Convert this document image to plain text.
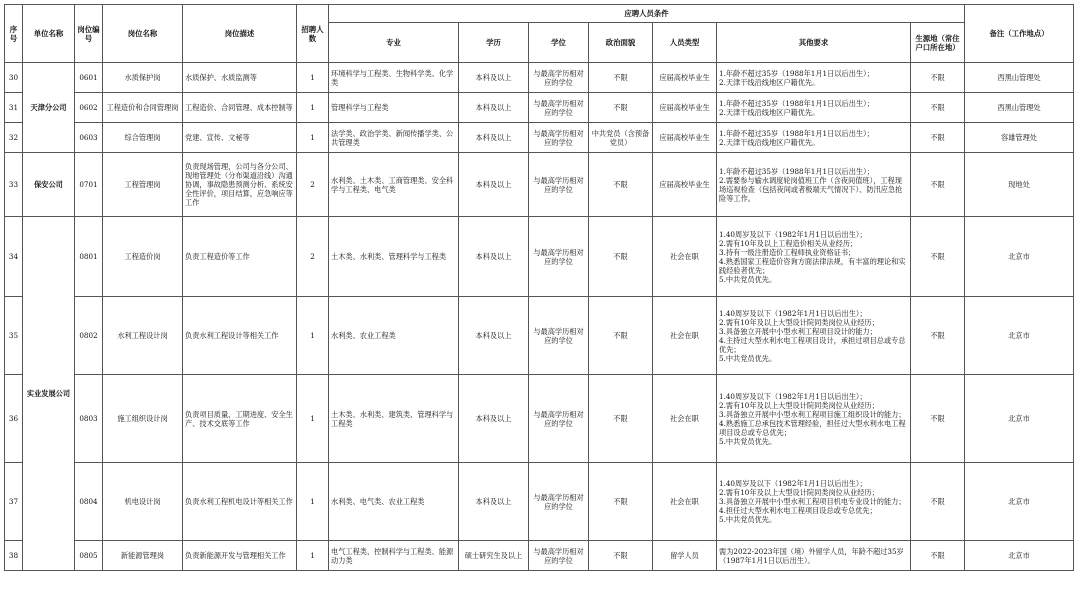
序号	单位名称	岗位编号	岗位名称	岗位描述	招聘人数	应聘人员条件							备注（工作地点）
						专业	学历	学位	政治面貌	人员类型	其他要求	生源地（常住户口所在地）	
30	天津分公司	0601	水质保护岗	水质保护、水质监测等	1	环境科学与工程类、生物科学类、化学类	本科及以上	与最高学历相对应的学位	不限	应届高校毕业生	1.年龄不超过35岁（1988年1月1日以后出生）；
2.天津干线沿线地区户籍优先。	不限	西黑山管理处
31		0602	工程造价和合同管理岗	工程造价、合同管理、成本控制等	1	管理科学与工程类	本科及以上	与最高学历相对应的学位	不限	应届高校毕业生	1.年龄不超过35岁（1988年1月1日以后出生）；
2.天津干线沿线地区户籍优先。	不限	西黑山管理处
32		0603	综合管理岗	党建、宣传、文秘等	1	法学类、政治学类、新闻传播学类、公共管理类	本科及以上	与最高学历相对应的学位	中共党员（含预备党员）	应届高校毕业生	1.年龄不超过35岁（1988年1月1日以后出生）；
2.天津干线沿线地区户籍优先。	不限	容雄管理处
33	保安公司	0701	工程管理岗	负责现场管理，公司与各分公司、现地管理处（分布渠道沿线）沟通协调，事故隐患预测分析、系统安全性评价，项目结算，应急响应等工作	2	水利类、土木类、工商管理类、安全科学与工程类、电气类	本科及以上	与最高学历相对应的学位	不限	应届高校毕业生	1.年龄不超过35岁（1988年1月1日以后出生）；
2.需要参与输水调度轮岗值班工作（含夜间值班），工程现场巡视检查（包括夜间或者极端天气情况下）、防汛应急抢险等工作。	不限	现地处
34	实业发展公司	0801	工程造价岗	负责工程造价等工作	2	土木类、水利类、管理科学与工程类	本科及以上	与最高学历相对应的学位	不限	社会在职	1.40周岁及以下（1982年1月1日以后出生）；
2.需有10年及以上工程造价相关从业经历；
3.持有一级注册造价工程师执业资格证书；
4.熟悉国家工程造价咨询方面法律法规，有丰富的理论和实践经验者优先；
5.中共党员优先。	不限	北京市
35		0802	水利工程设计岗	负责水利工程设计等相关工作	1	水利类、农业工程类	本科及以上	与最高学历相对应的学位	不限	社会在职	1.40周岁及以下（1982年1月1日以后出生）；
2.需有10年及以上大型设计院同类岗位从业经历；
3.具备独立开展中小型水利工程项目设计的能力；
4.主持过大型水利水电工程项目设计，承担过项目总或专总优先；
5.中共党员优先。	不限	北京市
36		0803	施工组织设计岗	负责项目质量、工期进度、安全生产、技术交底等工作	1	土木类、水利类、建筑类、管理科学与工程类	本科及以上	与最高学历相对应的学位	不限	社会在职	1.40周岁及以下（1982年1月1日以后出生）；
2.需有10年及以上大型设计院同类岗位从业经历；
3.具备独立开展中小型水利工程项目施工组织设计的能力；
4.熟悉施工总承包技术管理经验，担任过大型水利水电工程项目设总或专总优先；
5.中共党员优先。	不限	北京市
37		0804	机电设计岗	负责水利工程机电设计等相关工作	1	水利类、电气类、农业工程类	本科及以上	与最高学历相对应的学位	不限	社会在职	1.40周岁及以下（1982年1月1日以后出生）；
2.需有10年及以上大型设计院同类岗位从业经历；
3.具备独立开展中小型水利工程项目机电专业设计的能力；
4.担任过大型水利水电工程项目设总或专总优先；
5.中共党员优先。	不限	北京市
38		0805	新能源管理岗	负责新能源开发与管理相关工作	1	电气工程类、控制科学与工程类、能源动力类	硕士研究生及以上	与最高学历相对应的学位	不限	留学人员	需为2022-2023年国（境）外留学人员，年龄不超过35岁（1987年1月1日以后出生）。	不限	北京市
